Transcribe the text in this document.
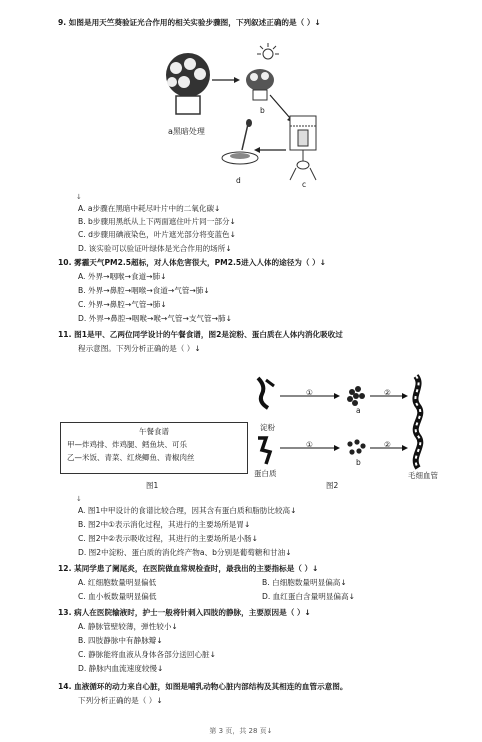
9. 如图是用天竺葵验证光合作用的相关实验步骤图，下列叙述正确的是（ ）↓
a黑暗处理
b
c
d
↓
A. a步骤在黑暗中耗尽叶片中的二氧化碳↓
B. b步骤用黑纸从上下两面遮住叶片同一部分↓
C. d步骤用碘液染色，叶片遮光部分将变蓝色↓
D. 该实验可以验证叶绿体是光合作用的场所↓
10. 雾霾天气PM2.5超标，对人体危害很大，PM2.5进入人体的途径为（ ）↓
A. 外界→咽喉→食道→肺↓
B. 外界→鼻腔→咽喉→食道→气管→肺↓
C. 外界→鼻腔→气管→肺↓
D. 外界→鼻腔→咽喉→喉→气管→支气管→肺↓
11. 图1是甲、乙两位同学设计的午餐食谱，图2是淀粉、蛋白质在人体内消化吸收过
程示意图。下列分析正确的是（ ）↓
午餐食谱
甲—炸鸡排、炸鸡腿、鳕鱼块、可乐
乙—米饭、青菜、红烧鲫鱼、青椒肉丝
图1
淀粉
蛋白质
①
①
②
②
a
b
毛细血管
图2
↓
A. 图1中甲设计的食谱比较合理，因其含有蛋白质和脂肪比较高↓
B. 图2中①表示消化过程，其进行的主要场所是胃↓
C. 图2中②表示吸收过程，其进行的主要场所是小肠↓
D. 图2中淀粉、蛋白质的消化终产物a、b分别是葡萄糖和甘油↓
12. 某同学患了阑尾炎，在医院做血常规检查时，最我出的主要指标是（ ）↓
A. 红细胞数量明显偏低	B. 白细胞数量明显偏高↓
C. 血小板数量明显偏低	D. 血红蛋白含量明显偏高↓
13. 病人在医院输液时，护士一般将针刺入四肢的静脉，主要原因是（ ）↓
A. 静脉管壁较薄，弹性较小↓
B. 四肢静脉中有静脉瓣↓
C. 静脉能将血液从身体各部分送回心脏↓
D. 静脉内血流速度较慢↓
14. 血液循环的动力来自心脏，如图是哺乳动物心脏内部结构及其相连的血管示意图。
下列分析正确的是（ ）↓
第 3 页，共 28 页↓
